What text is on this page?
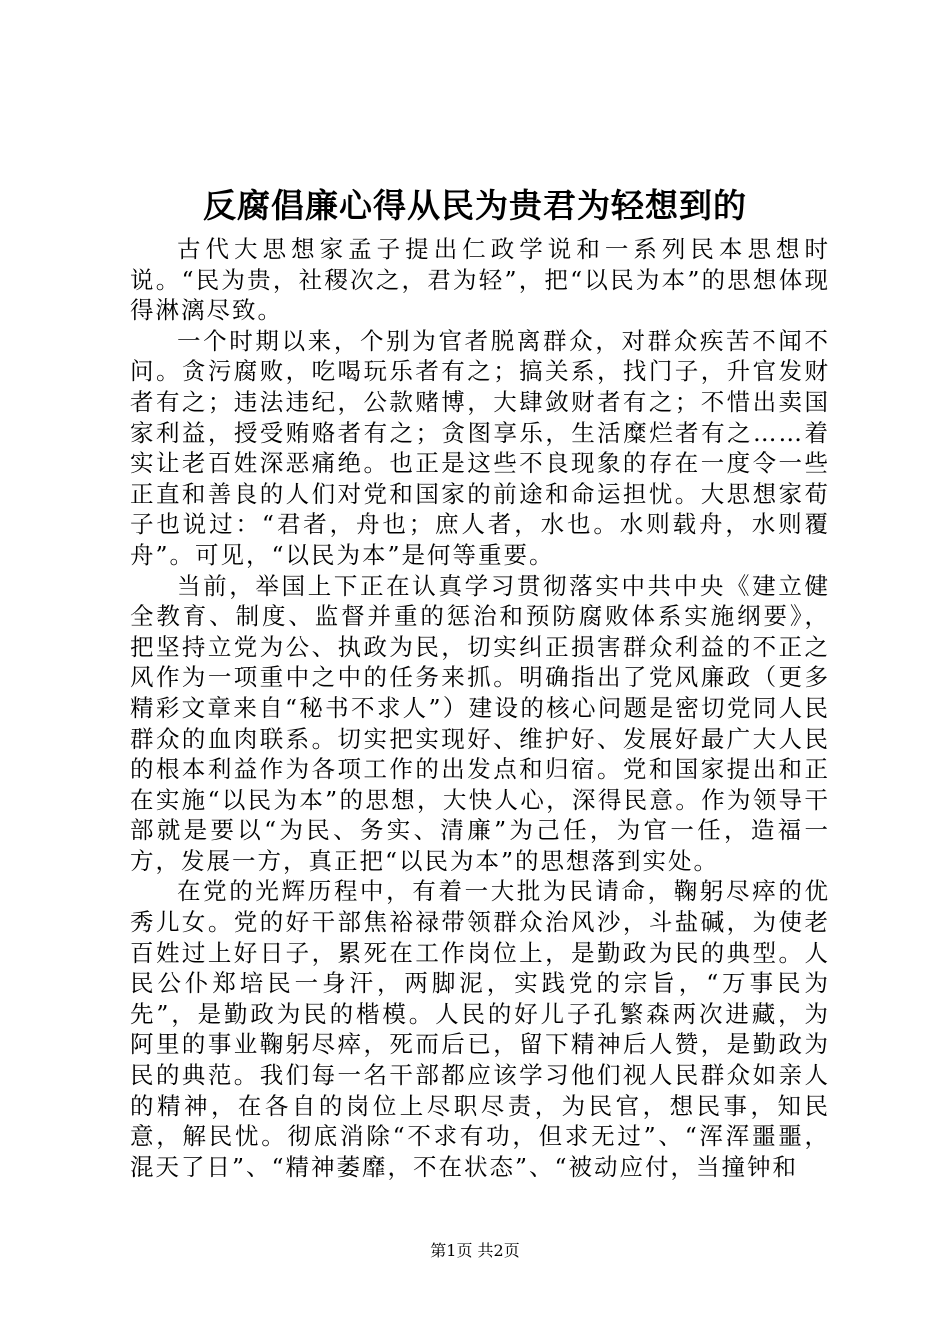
反腐倡廉心得从民为贵君为轻想到的

古代大思想家孟子提出仁政学说和一系列民本思想时说。“民为贵，社稷次之，君为轻”，把“以民为本”的思想体现得淋漓尽致。

一个时期以来，个别为官者脱离群众，对群众疾苦不闻不问。贪污腐败，吃喝玩乐者有之；搞关系，找门子，升官发财者有之；违法违纪，公款赌博，大肆敛财者有之；不惜出卖国家利益，授受贿赂者有之；贪图享乐，生活糜烂者有之……着实让老百姓深恶痛绝。也正是这些不良现象的存在一度令一些正直和善良的人们对党和国家的前途和命运担忧。大思想家荀子也说过：“君者，舟也；庶人者，水也。水则载舟，水则覆舟”。可见，“以民为本”是何等重要。

当前，举国上下正在认真学习贯彻落实中共中央《建立健全教育、制度、监督并重的惩治和预防腐败体系实施纲要》，把坚持立党为公、执政为民，切实纠正损害群众利益的不正之风作为一项重中之中的任务来抓。明确指出了党风廉政（更多精彩文章来自“秘书不求人”）建设的核心问题是密切党同人民群众的血肉联系。切实把实现好、维护好、发展好最广大人民的根本利益作为各项工作的出发点和归宿。党和国家提出和正在实施“以民为本”的思想，大快人心，深得民意。作为领导干部就是要以“为民、务实、清廉”为己任，为官一任，造福一方，发展一方，真正把“以民为本”的思想落到实处。

在党的光辉历程中，有着一大批为民请命，鞠躬尽瘁的优秀儿女。党的好干部焦裕禄带领群众治风沙，斗盐碱，为使老百姓过上好日子，累死在工作岗位上，是勤政为民的典型。人民公仆郑培民一身汗，两脚泥，实践党的宗旨，“万事民为先”，是勤政为民的楷模。人民的好儿子孔繁森两次进藏，为阿里的事业鞠躬尽瘁，死而后已，留下精神后人赞，是勤政为民的典范。我们每一名干部都应该学习他们视人民群众如亲人的精神，在各自的岗位上尽职尽责，为民官，想民事，知民意，解民忧。彻底消除“不求有功，但求无过”、“浑浑噩噩，混天了日”、“精神萎靡，不在状态”、“被动应付，当撞钟和

第1页 共2页
